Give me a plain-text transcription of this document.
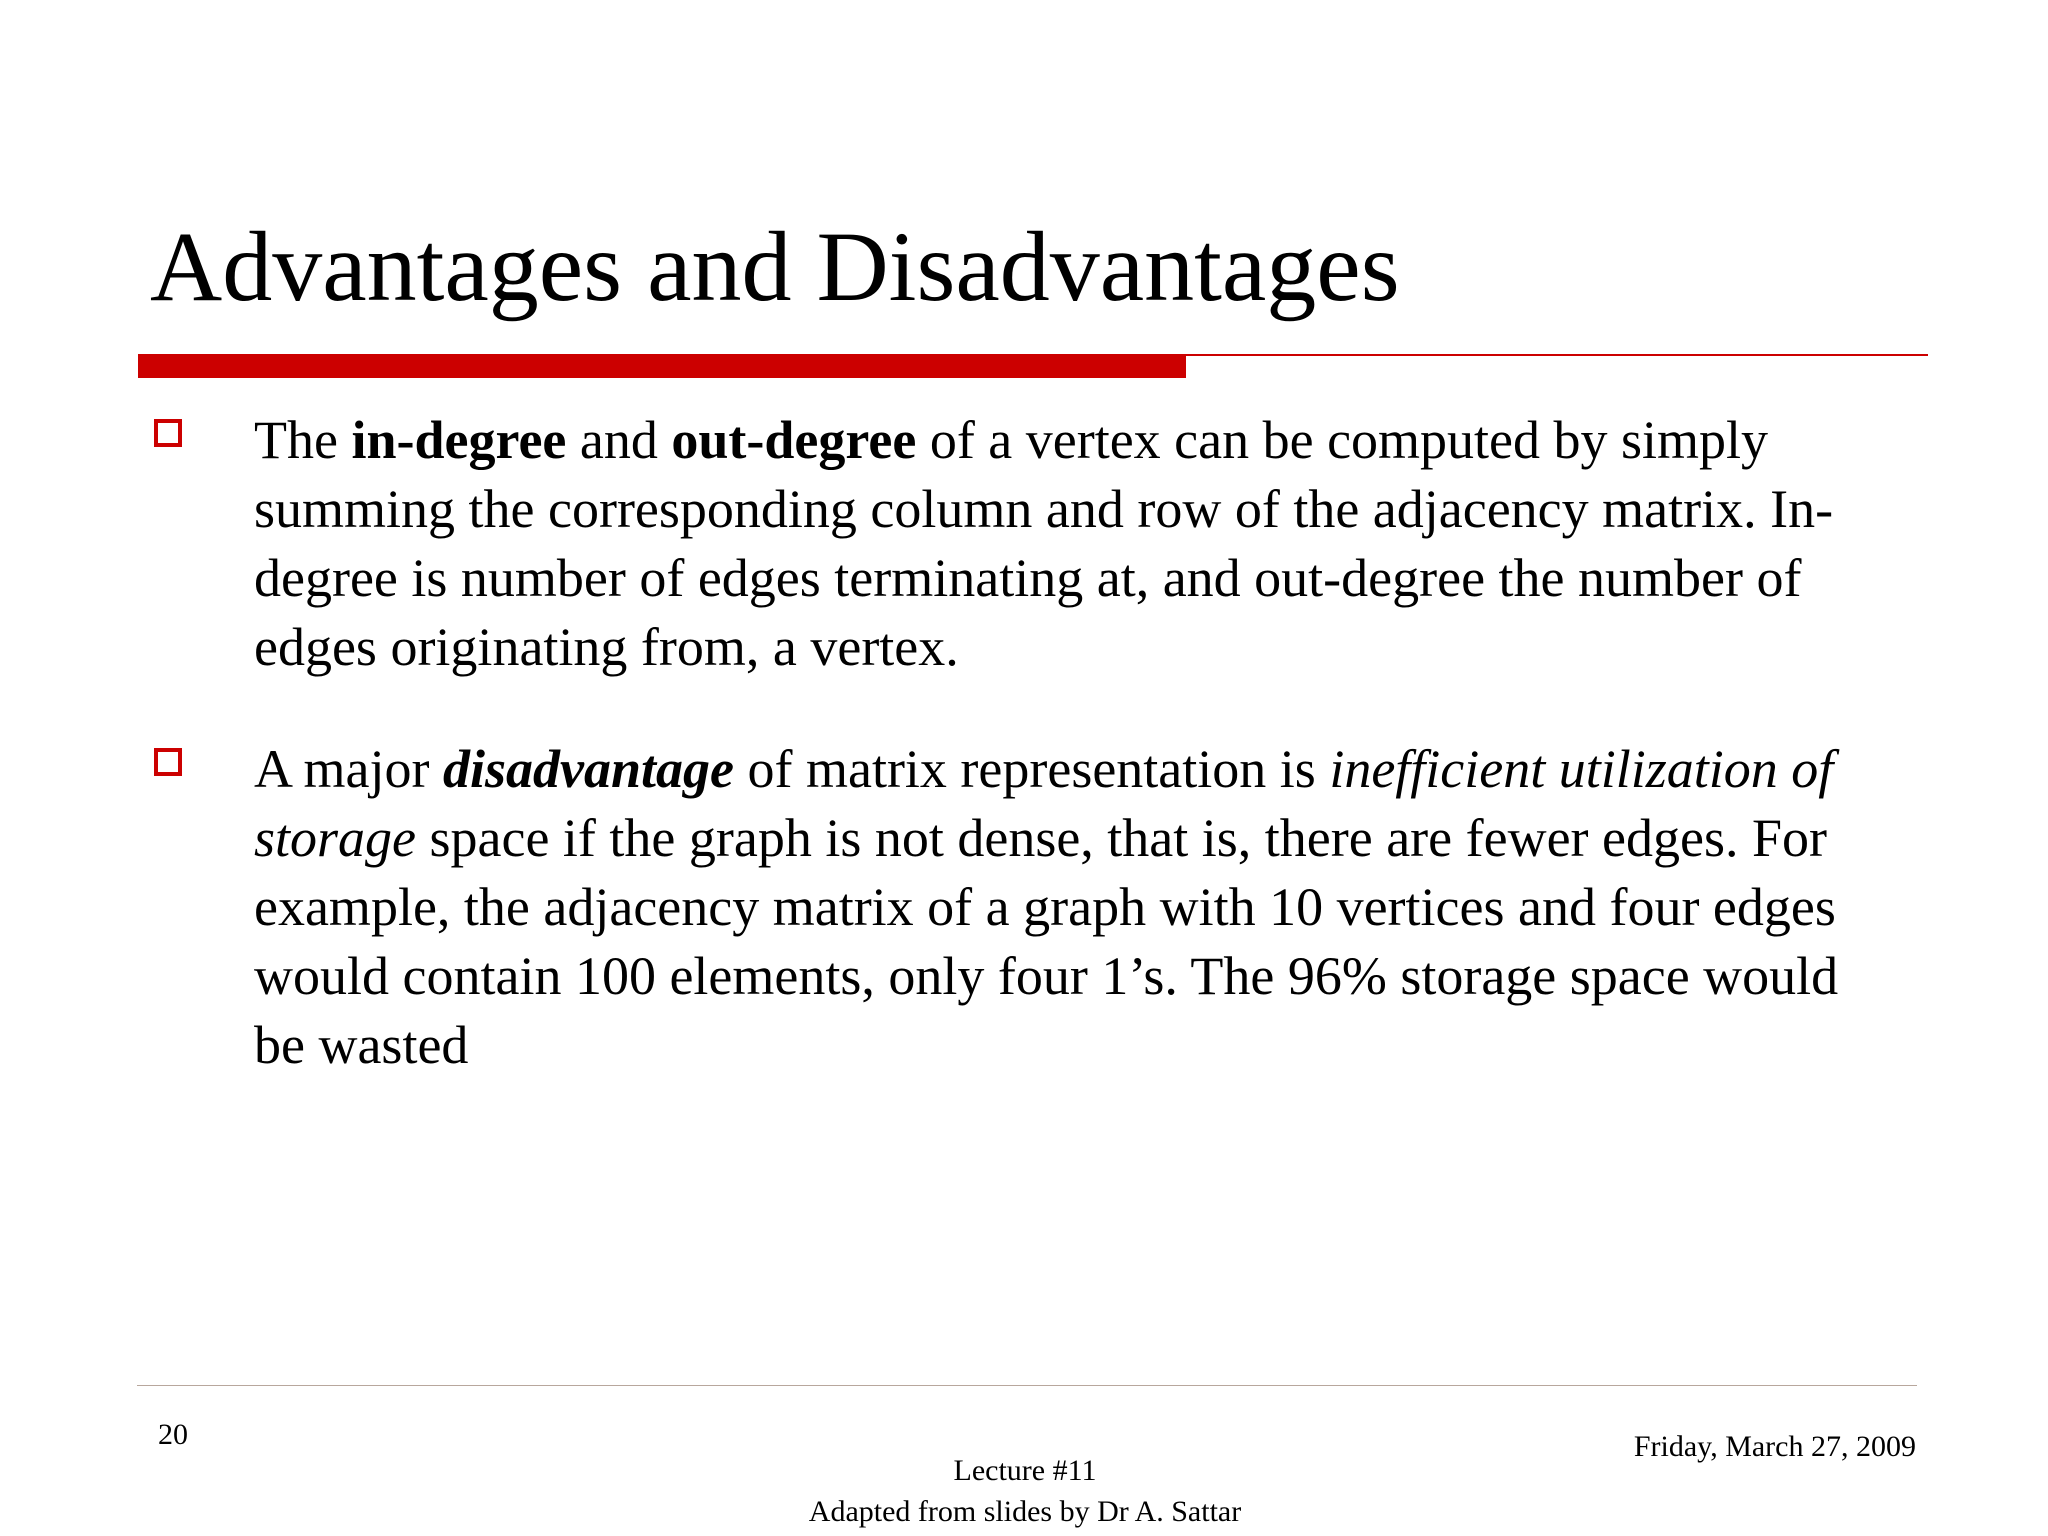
Advantages and Disadvantages

The in-degree and out-degree of a vertex can be computed by simply summing the corresponding column and row of the adjacency matrix. In-degree is number of edges terminating at, and out-degree the number of edges originating from, a vertex.

A major disadvantage of matrix representation is inefficient utilization of storage space if the graph is not dense, that is, there are fewer edges. For example, the adjacency matrix of a graph with 10 vertices and four edges would contain 100 elements, only four 1’s. The 96% storage space would be wasted

20
Lecture #11
Adapted from slides by Dr A. Sattar
Friday, March 27, 2009
